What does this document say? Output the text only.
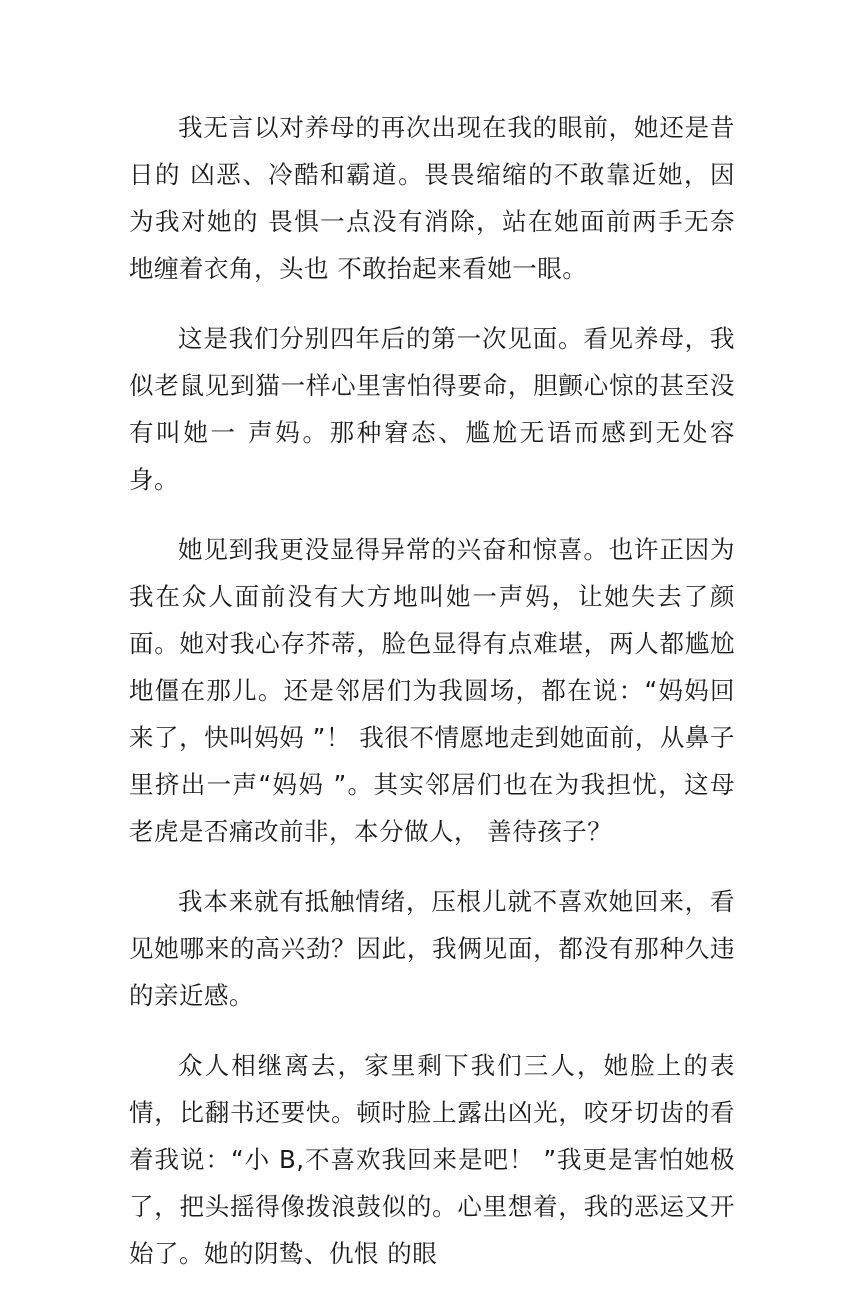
我无言以对养母的再次出现在我的眼前，她还是昔日的 凶恶、冷酷和霸道。畏畏缩缩的不敢靠近她，因为我对她的 畏惧一点没有消除，站在她面前两手无奈地缠着衣角，头也 不敢抬起来看她一眼。

这是我们分别四年后的第一次见面。看见养母，我似老鼠见到猫一样心里害怕得要命，胆颤心惊的甚至没有叫她一 声妈。那种窘态、尴尬无语而感到无处容身。

她见到我更没显得异常的兴奋和惊喜。也许正因为我在众人面前没有大方地叫她一声妈，让她失去了颜面。她对我心存芥蒂，脸色显得有点难堪，两人都尴尬地僵在那儿。还是邻居们为我圆场，都在说：“妈妈回来了，快叫妈妈 ”！ 我很不情愿地走到她面前，从鼻子里挤出一声“妈妈 ”。其实邻居们也在为我担忧，这母老虎是否痛改前非，本分做人， 善待孩子？

我本来就有抵触情绪，压根儿就不喜欢她回来，看见她哪来的高兴劲？因此，我俩见面，都没有那种久违的亲近感。

众人相继离去，家里剩下我们三人，她脸上的表情，比翻书还要快。顿时脸上露出凶光，咬牙切齿的看着我说：“小 B,不喜欢我回来是吧！ ”我更是害怕她极了，把头摇得像拨浪鼓似的。心里想着，我的恶运又开始了。她的阴鸷、仇恨 的眼
